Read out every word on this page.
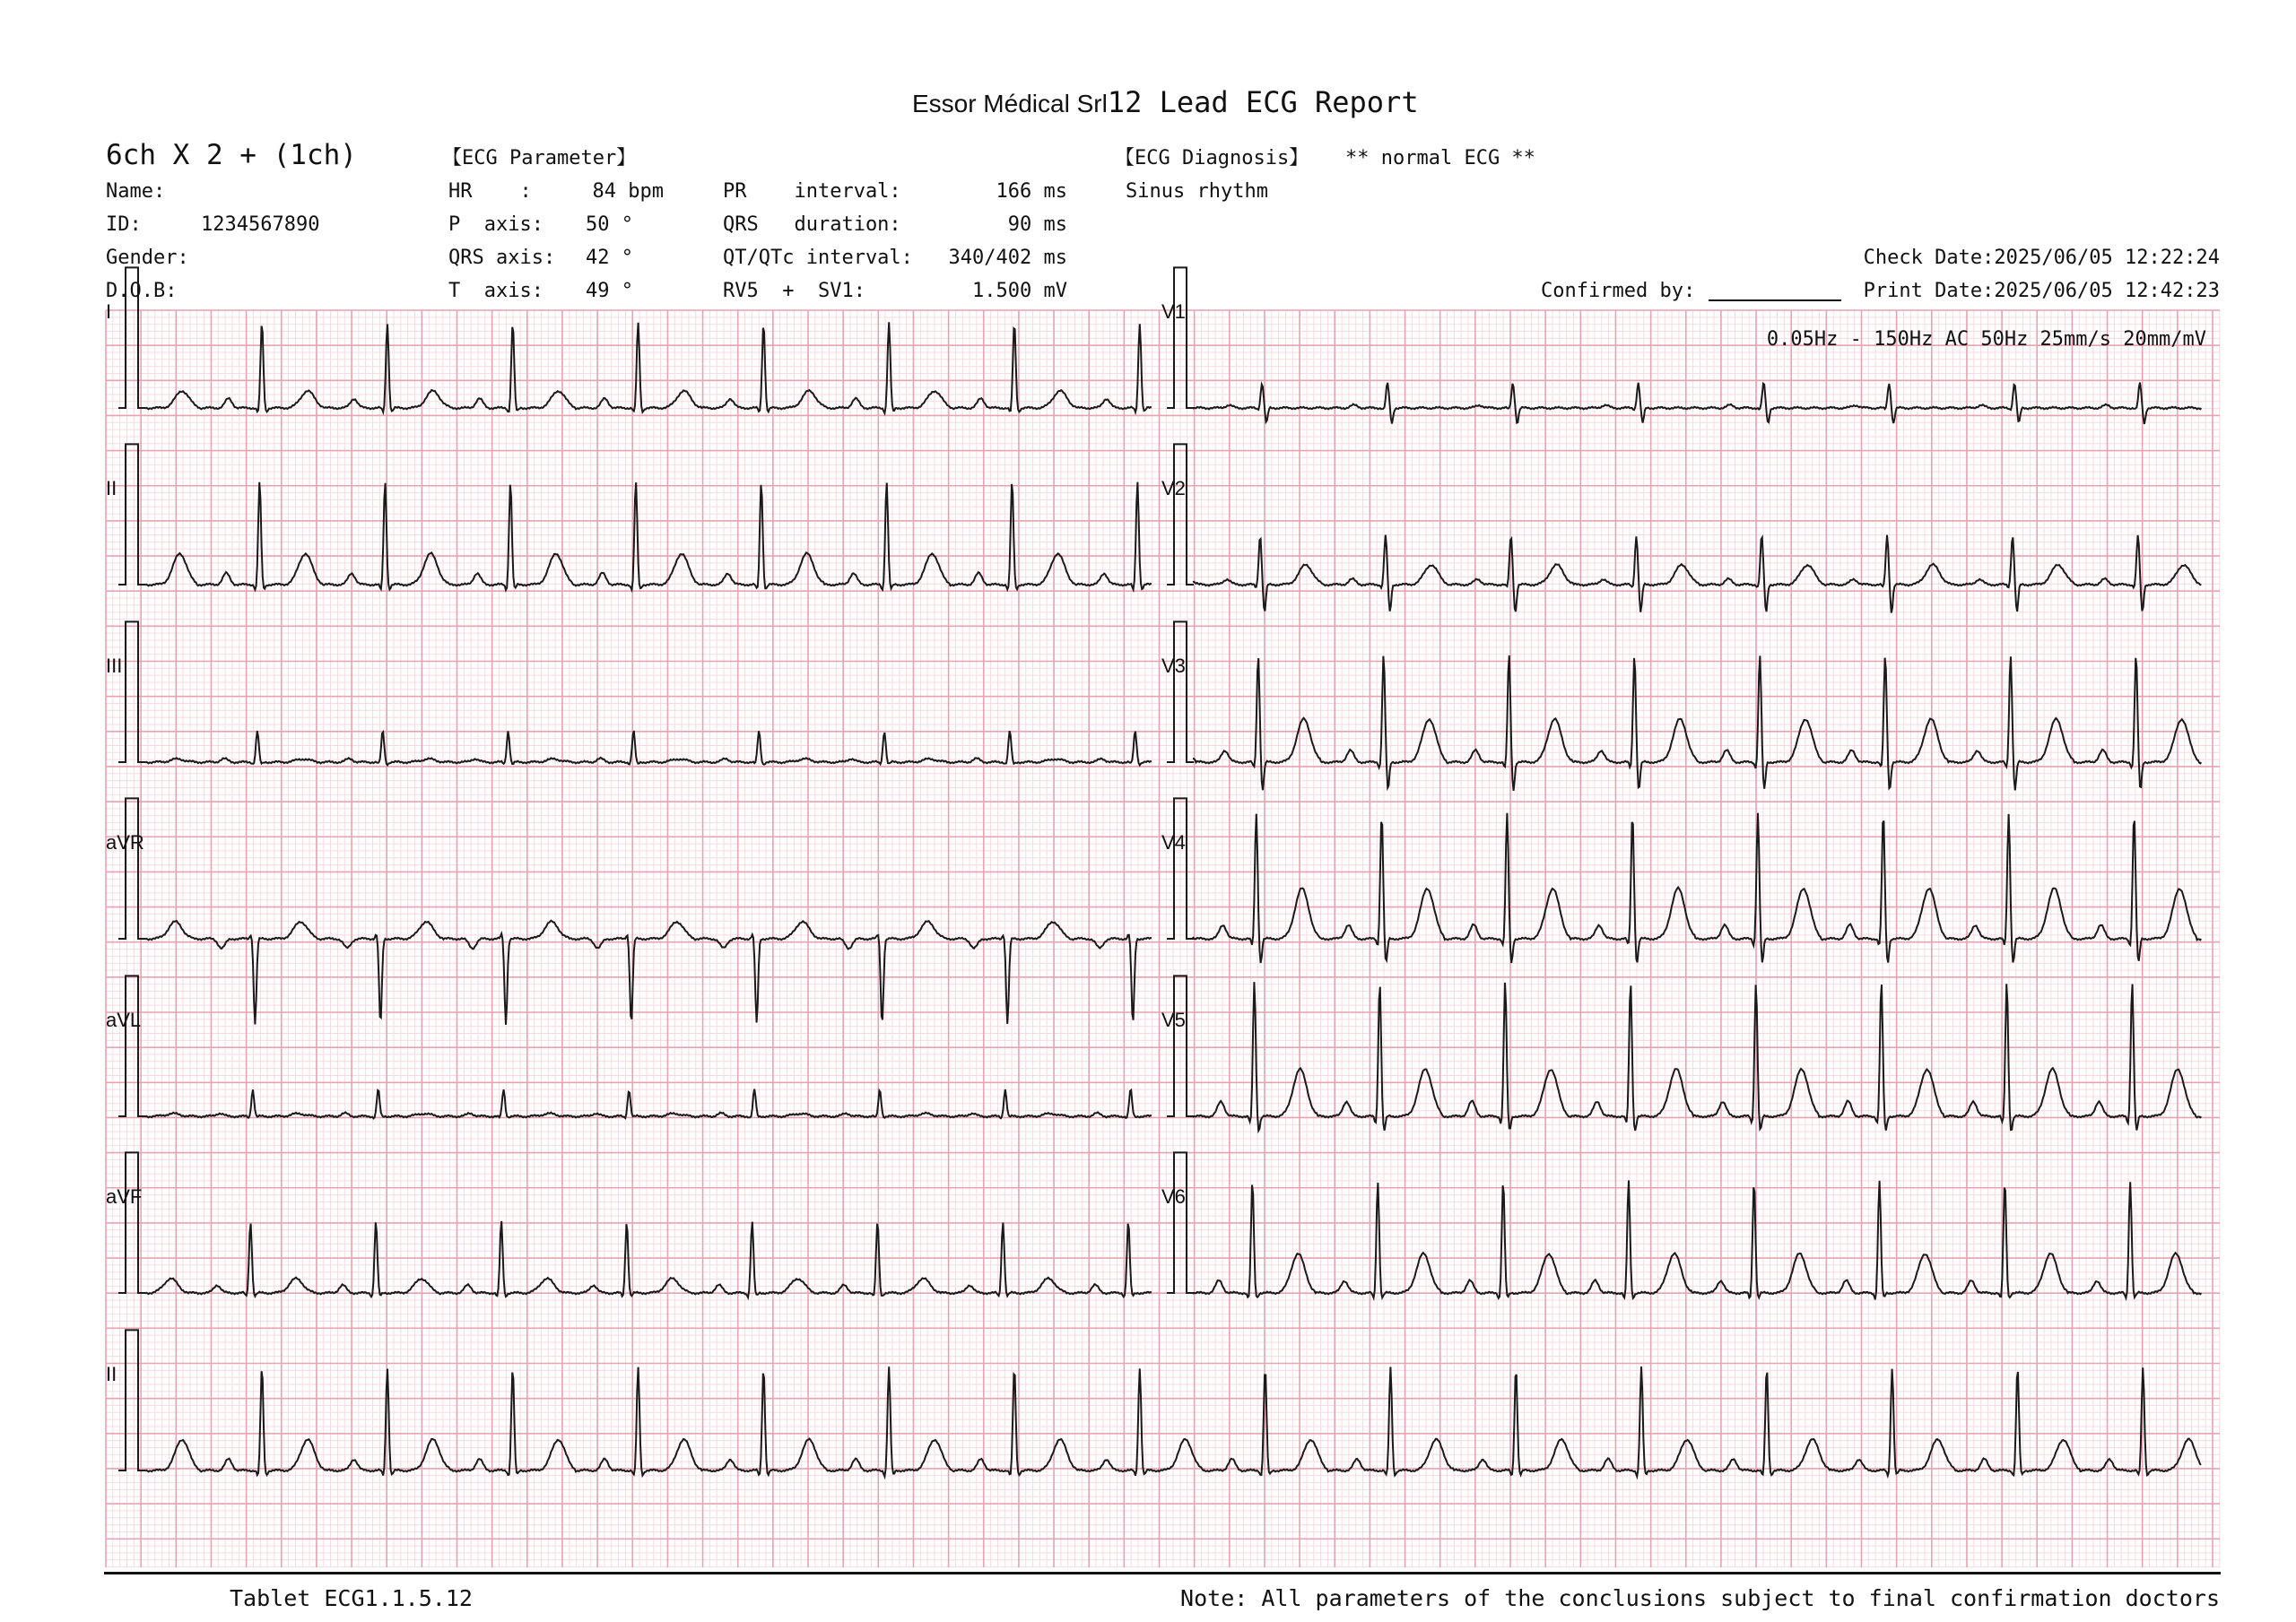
Essor Médical Srl12 Lead ECG Report

6ch X 2 + (1ch)
Name:
ID:	1234567890
Gender:
D.O.B:
【ECG Parameter】
HR    :	84 bpm
P  axis: 50 °
QRS axis: 42 °
T  axis: 49 °
PR    interval:	166 ms
QRS   duration:	90 ms
QT/QTc interval:	340/402 ms
RV5  +  SV1:	1.500 mV
【ECG Diagnosis】 ** normal ECG **
Sinus rhythm
Check Date:2025/06/05 12:22:24
Confirmed by:	Print Date:2025/06/05 12:42:23
0.05Hz - 150Hz AC 50Hz 25mm/s 20mm/mV
I
II
III
aVR
aVL
aVF
V1
V2
V3
V4
V5
V6
II
Tablet ECG1.1.5.12	Note: All parameters of the conclusions subject to final confirmation doctors
